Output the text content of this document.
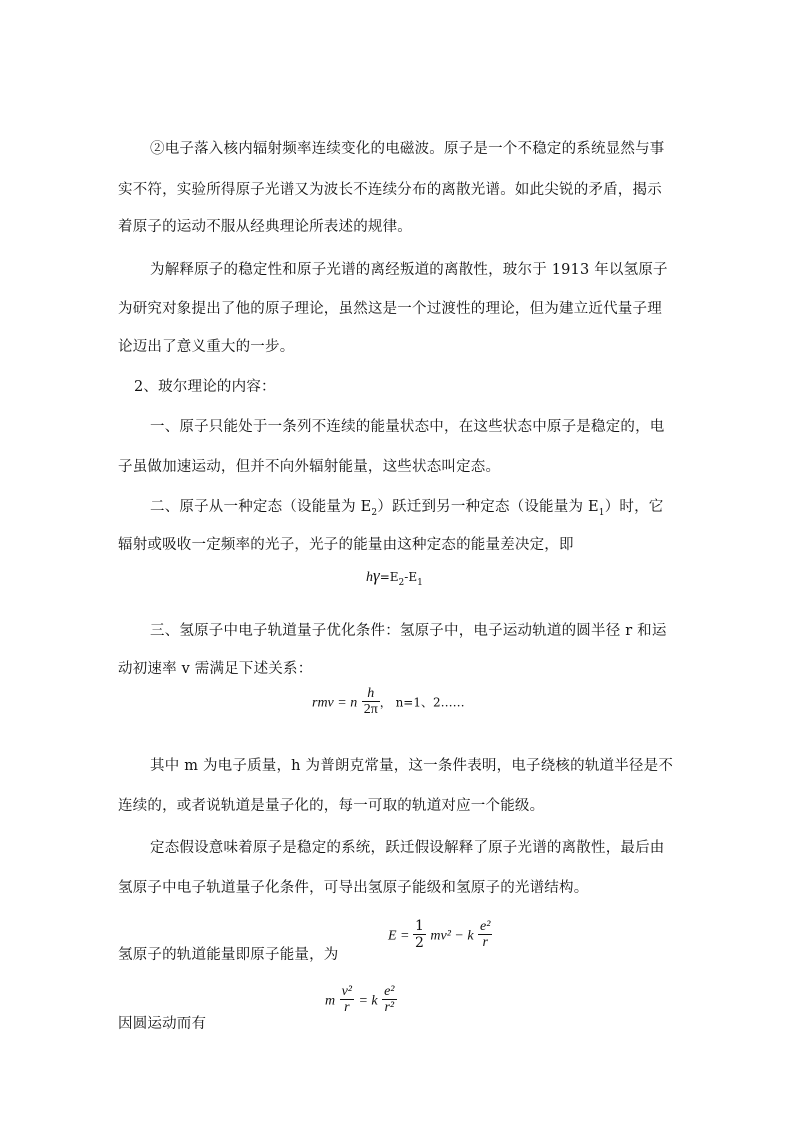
②电子落入核内辐射频率连续变化的电磁波。原子是一个不稳定的系统显然与事
实不符，实验所得原子光谱又为波长不连续分布的离散光谱。如此尖锐的矛盾，揭示
着原子的运动不服从经典理论所表述的规律。
为解释原子的稳定性和原子光谱的离经叛道的离散性，玻尔于 1913 年以氢原子
为研究对象提出了他的原子理论，虽然这是一个过渡性的理论，但为建立近代量子理
论迈出了意义重大的一步。
2、玻尔理论的内容：
一、原子只能处于一条列不连续的能量状态中，在这些状态中原子是稳定的，电
子虽做加速运动，但并不向外辐射能量，这些状态叫定态。
二、原子从一种定态（设能量为 $E_2$）跃迁到另一种定态（设能量为 $E_1$）时，它
辐射或吸收一定频率的光子，光子的能量由这种定态的能量差决定，即
$h\gamma=E_2-E_1$
三、氢原子中电子轨道量子优化条件：氢原子中，电子运动轨道的圆半径 r 和运
动初速率 v 需满足下述关系：
rmv = n $\frac{h}{2\pi}$ ， n=1、2……
其中 m 为电子质量，h 为普朗克常量，这一条件表明，电子绕核的轨道半径是不
连续的，或者说轨道是量子化的，每一可取的轨道对应一个能级。
定态假设意味着原子是稳定的系统，跃迁假设解释了原子光谱的离散性，最后由
氢原子中电子轨道量子化条件，可导出氢原子能级和氢原子的光谱结构。
氢原子的轨道能量即原子能量，为
$E = \frac{1}{2} mv^2 - k \frac{\text{e²}}{r}$
因圆运动而有
m $\frac{\text{v²}}{r} = k \frac{\text{e²}}{\text{r²}}$
